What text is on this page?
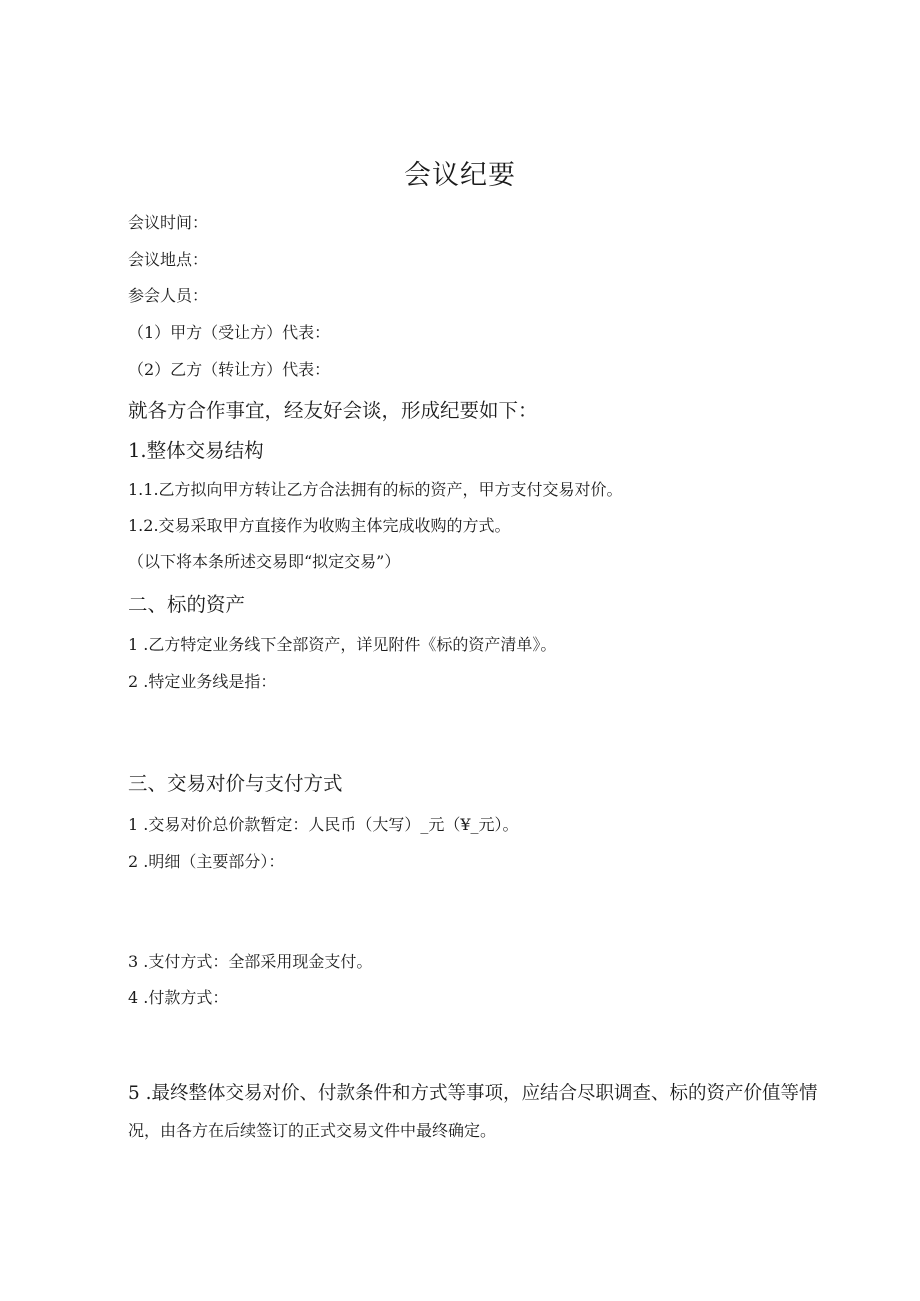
会议纪要
会议时间：
会议地点：
参会人员：
（1）甲方（受让方）代表：
（2）乙方（转让方）代表：
就各方合作事宜，经友好会谈，形成纪要如下：
1.整体交易结构
1.1.乙方拟向甲方转让乙方合法拥有的标的资产，甲方支付交易对价。
1.2.交易采取甲方直接作为收购主体完成收购的方式。
（以下将本条所述交易即“拟定交易”）
二、标的资产
1 .乙方特定业务线下全部资产，详见附件《标的资产清单》。
2 .特定业务线是指：
三、交易对价与支付方式
1 .交易对价总价款暂定：人民币（大写）_元（¥_元）。
2 .明细（主要部分）：
3 .支付方式：全部采用现金支付。
4 .付款方式：
5 .最终整体交易对价、付款条件和方式等事项，应结合尽职调查、标的资产价值等情
况，由各方在后续签订的正式交易文件中最终确定。
